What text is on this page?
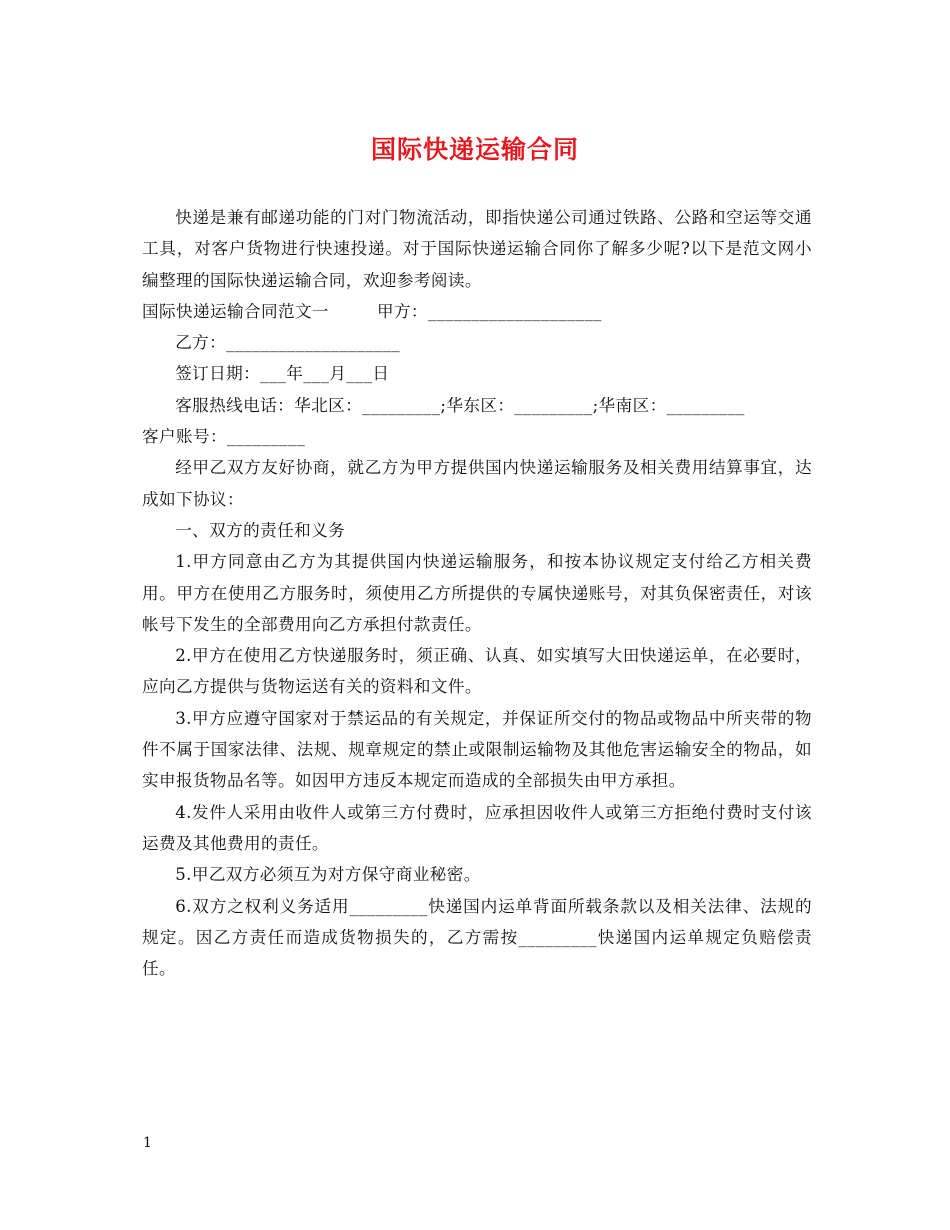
国际快递运输合同

快递是兼有邮递功能的门对门物流活动，即指快递公司通过铁路、公路和空运等交通工具，对客户货物进行快速投递。对于国际快递运输合同你了解多少呢?以下是范文网小编整理的国际快递运输合同，欢迎参考阅读。

国际快递运输合同范文一	甲方：____________________

乙方：____________________

签订日期：___年___月___日

客服热线电话：华北区：_________;华东区：_________;华南区：_________

客户账号：_________

经甲乙双方友好协商，就乙方为甲方提供国内快递运输服务及相关费用结算事宜，达成如下协议：

一、双方的责任和义务

1.甲方同意由乙方为其提供国内快递运输服务，和按本协议规定支付给乙方相关费用。甲方在使用乙方服务时，须使用乙方所提供的专属快递账号，对其负保密责任，对该帐号下发生的全部费用向乙方承担付款责任。

2.甲方在使用乙方快递服务时，须正确、认真、如实填写大田快递运单，在必要时，应向乙方提供与货物运送有关的资料和文件。

3.甲方应遵守国家对于禁运品的有关规定，并保证所交付的物品或物品中所夹带的物件不属于国家法律、法规、规章规定的禁止或限制运输物及其他危害运输安全的物品，如实申报货物品名等。如因甲方违反本规定而造成的全部损失由甲方承担。

4.发件人采用由收件人或第三方付费时，应承担因收件人或第三方拒绝付费时支付该运费及其他费用的责任。

5.甲乙双方必须互为对方保守商业秘密。

6.双方之权利义务适用_________快递国内运单背面所载条款以及相关法律、法规的规定。因乙方责任而造成货物损失的，乙方需按_________快递国内运单规定负赔偿责任。

1
